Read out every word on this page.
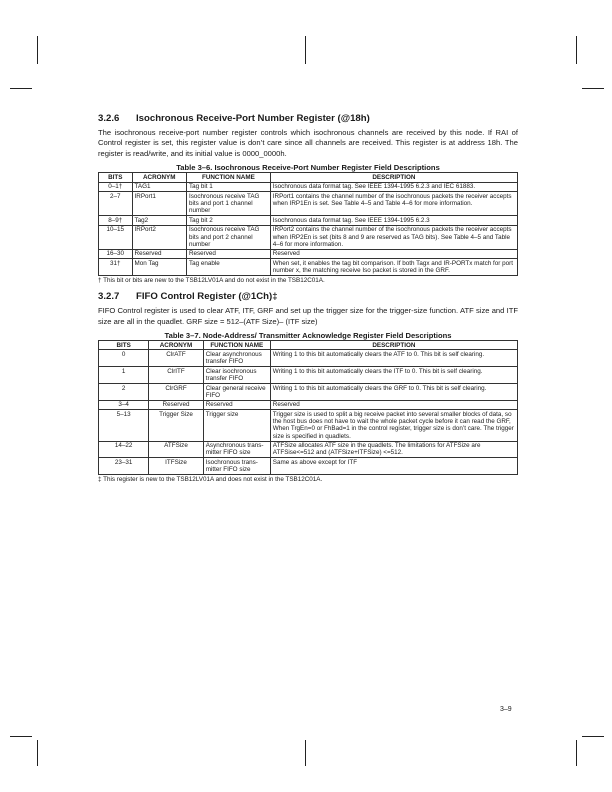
3.2.6 Isochronous Receive-Port Number Register (@18h)

The isochronous receive-port number register controls which isochronous channels are received by this node. If RAI of Control register is set, this register value is don’t care since all channels are received. This register is at address 18h. The register is read/write, and its initial value is 0000_0000h.

Table 3–6. Isochronous Receive-Port Number Register Field Descriptions
BITS	ACRONYM	FUNCTION NAME	DESCRIPTION
0–1†	TAG1	Tag bit 1	Isochronous data format tag. See IEEE 1394-1995 6.2.3 and IEC 61883.
2–7	IRPort1	Isochronous receive TAG bits and port 1 channel number	IRPort1 contains the channel number of the isochronous packets the receiver accepts when IRP1En is set. See Table 4–5 and Table 4–6 for more information.
8–9†	Tag2	Tag bit 2	Isochronous data format tag. See IEEE 1394-1995 6.2.3
10–15	IRPort2	Isochronous receive TAG bits and port 2 channel number	IRPort2 contains the channel number of the isochronous packets the receiver accepts when IRP2En is set (bits 8 and 9 are reserved as TAG bits). See Table 4–5 and Table 4–6 for more information.
16–30	Reserved	Reserved	Reserved
31†	Mon Tag	Tag enable	When set, it enables the tag bit comparison. If both Tagx and IR-PORTx match for port number x, the matching receive Iso packet is stored in the GRF.
† This bit or bits are new to the TSB12LV01A and do not exist in the TSB12C01A.
3.2.7 FIFO Control Register (@1Ch)‡

FIFO Control register is used to clear ATF, ITF, GRF and set up the trigger size for the trigger-size function. ATF size and ITF size are all in the quadlet. GRF size = 512–(ATF Size)– (ITF size)

Table 3–7. Node-Address/ Transmitter Acknowledge Register Field Descriptions
BITS	ACRONYM	FUNCTION NAME	DESCRIPTION
0	ClrATF	Clear asynchronous transfer FIFO	Writing 1 to this bit automatically clears the ATF to 0. This bit is self clearing.
1	ClrITF	Clear isochronous transfer FIFO	Writing 1 to this bit automatically clears the ITF to 0. This bit is self clearing.
2	ClrGRF	Clear general receive FIFO	Writing 1 to this bit automatically clears the GRF to 0. This bit is self clearing.
3–4	Reserved	Reserved	Reserved
5–13	Trigger Size	Trigger size	Trigger size is used to split a big receive packet into several smaller blocks of data, so the host bus does not have to wait the whole packet cycle before it can read the GRF, When TrgEn=0 or FhBad=1 in the control register, trigger size is don’t care. The trigger size is specified in quadlets.
14–22	ATFSize	Asynchronous trans-mitter FIFO size	ATFSize allocates ATF size in the quadlets. The limitations for ATFSize are ATFSise<=512 and (ATFSize+ITFSize) <=512.
23–31	ITFSize	Isochronous trans-mitter FIFO size	Same as above except for ITF
‡ This register is new to the TSB12LV01A and does not exist in the TSB12C01A.
3–9
